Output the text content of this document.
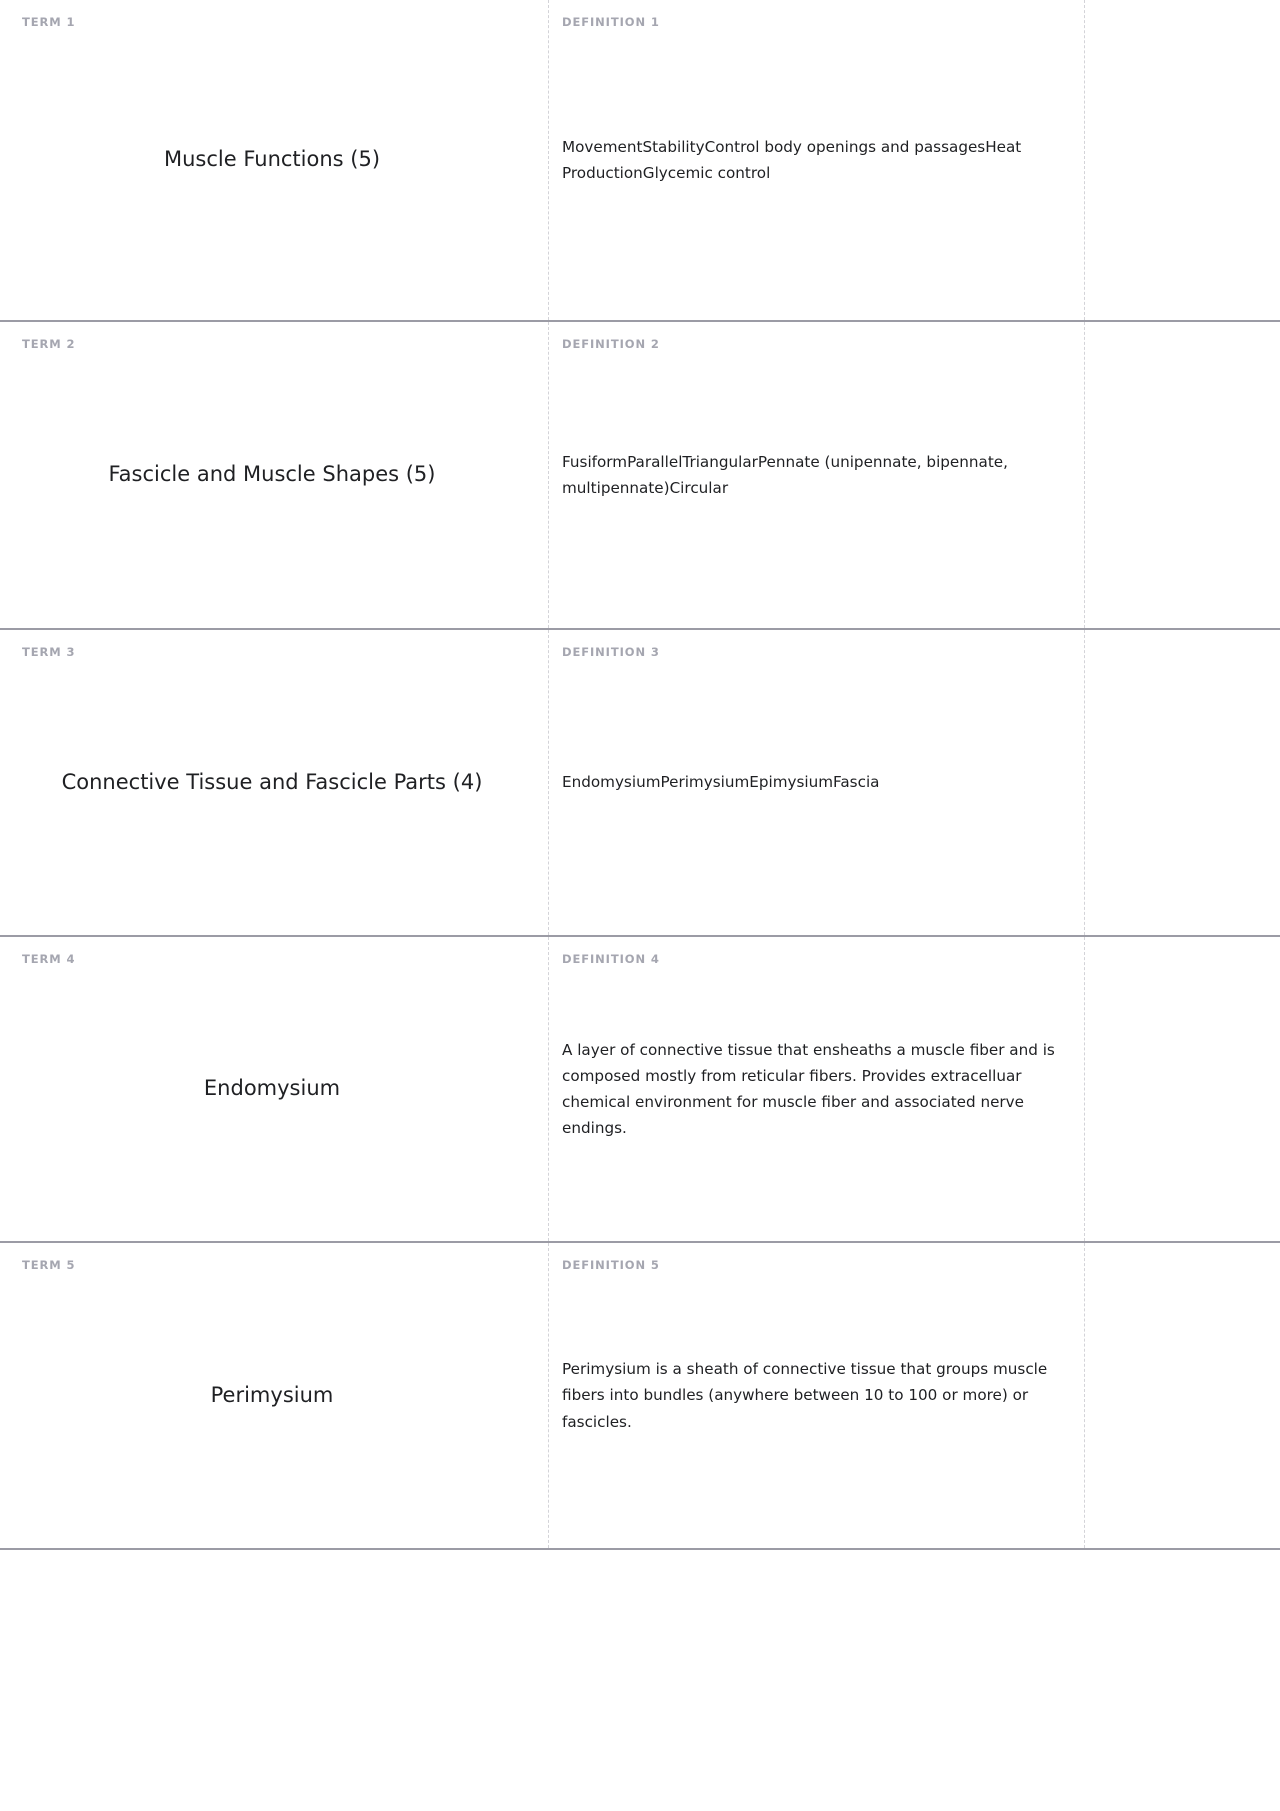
TERM 1
Muscle Functions (5)
DEFINITION 1
MovementStabilityControl body openings and passagesHeat ProductionGlycemic control
TERM 2
Fascicle and Muscle Shapes (5)
DEFINITION 2
FusiformParallelTriangularPennate (unipennate, bipennate, multipennate)Circular
TERM 3
Connective Tissue and Fascicle Parts (4)
DEFINITION 3
EndomysiumPerimysiumEpimysiumFascia
TERM 4
Endomysium
DEFINITION 4
A layer of connective tissue that ensheaths a muscle fiber and is composed mostly from reticular fibers. Provides extracelluar chemical environment for muscle fiber and associated nerve endings.
TERM 5
Perimysium
DEFINITION 5
Perimysium is a sheath of connective tissue that groups muscle fibers into bundles (anywhere between 10 to 100 or more) or fascicles.
